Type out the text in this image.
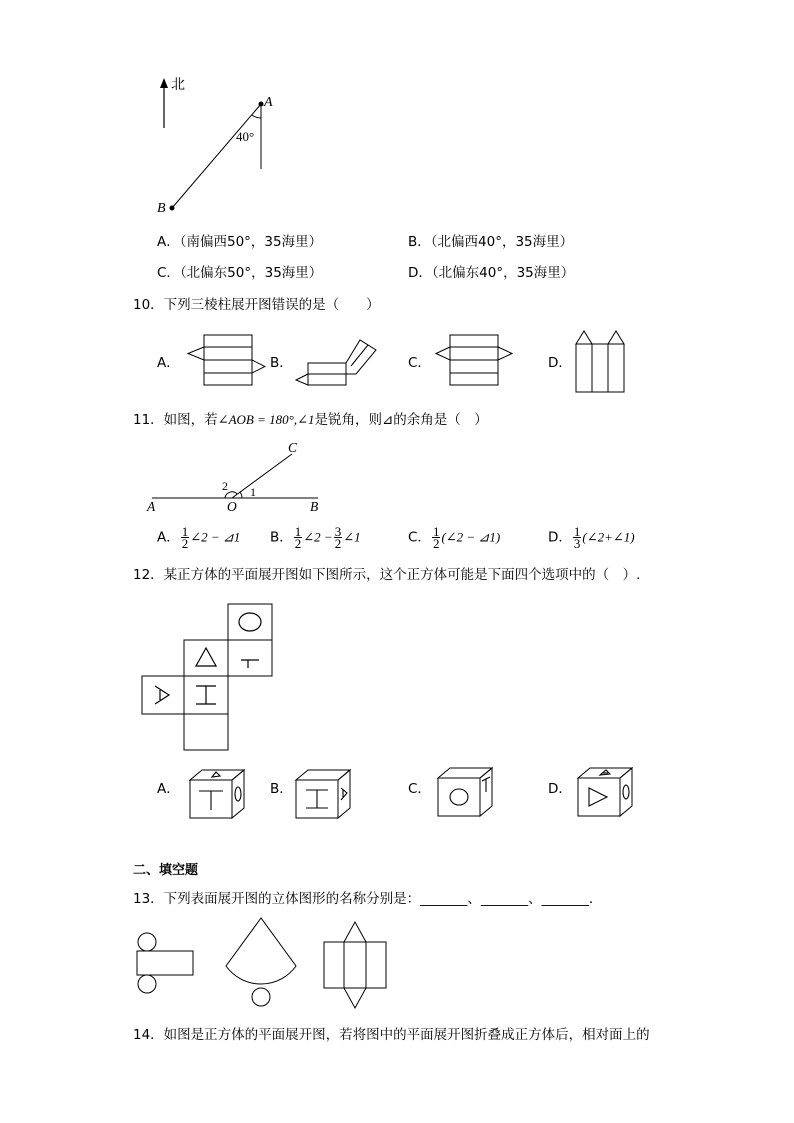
北
A
B
40°
A．（南偏西50°，35海里）	B．（北偏西40°，35海里）
C．（北偏东50°，35海里）	D．（北偏东40°，35海里）
10．下列三棱柱展开图错误的是（　　）
A．	B．	C．	D．
11．如图，若∠AOB = 180°,∠1是锐角，则⊿的余角是（　）
C
2 1
A	O	B
A． $\frac{1}{2}$ ∠2 − ⊿1 B． $\frac{1}{2}$ ∠2 − $\frac{3}{2}$ ∠1	C． $\frac{1}{2}$ (∠2 − ⊿1)	D． $\frac{1}{3}$ (∠2+∠1)
12．某正方体的平面展开图如下图所示，这个正方体可能是下面四个选项中的（　）.
A．	B．	C．	D．
二、填空题
13．下列表面展开图的立体图形的名称分别是：_______、_______、_______.
14．如图是正方体的平面展开图，若将图中的平面展开图折叠成正方体后，相对面上的
